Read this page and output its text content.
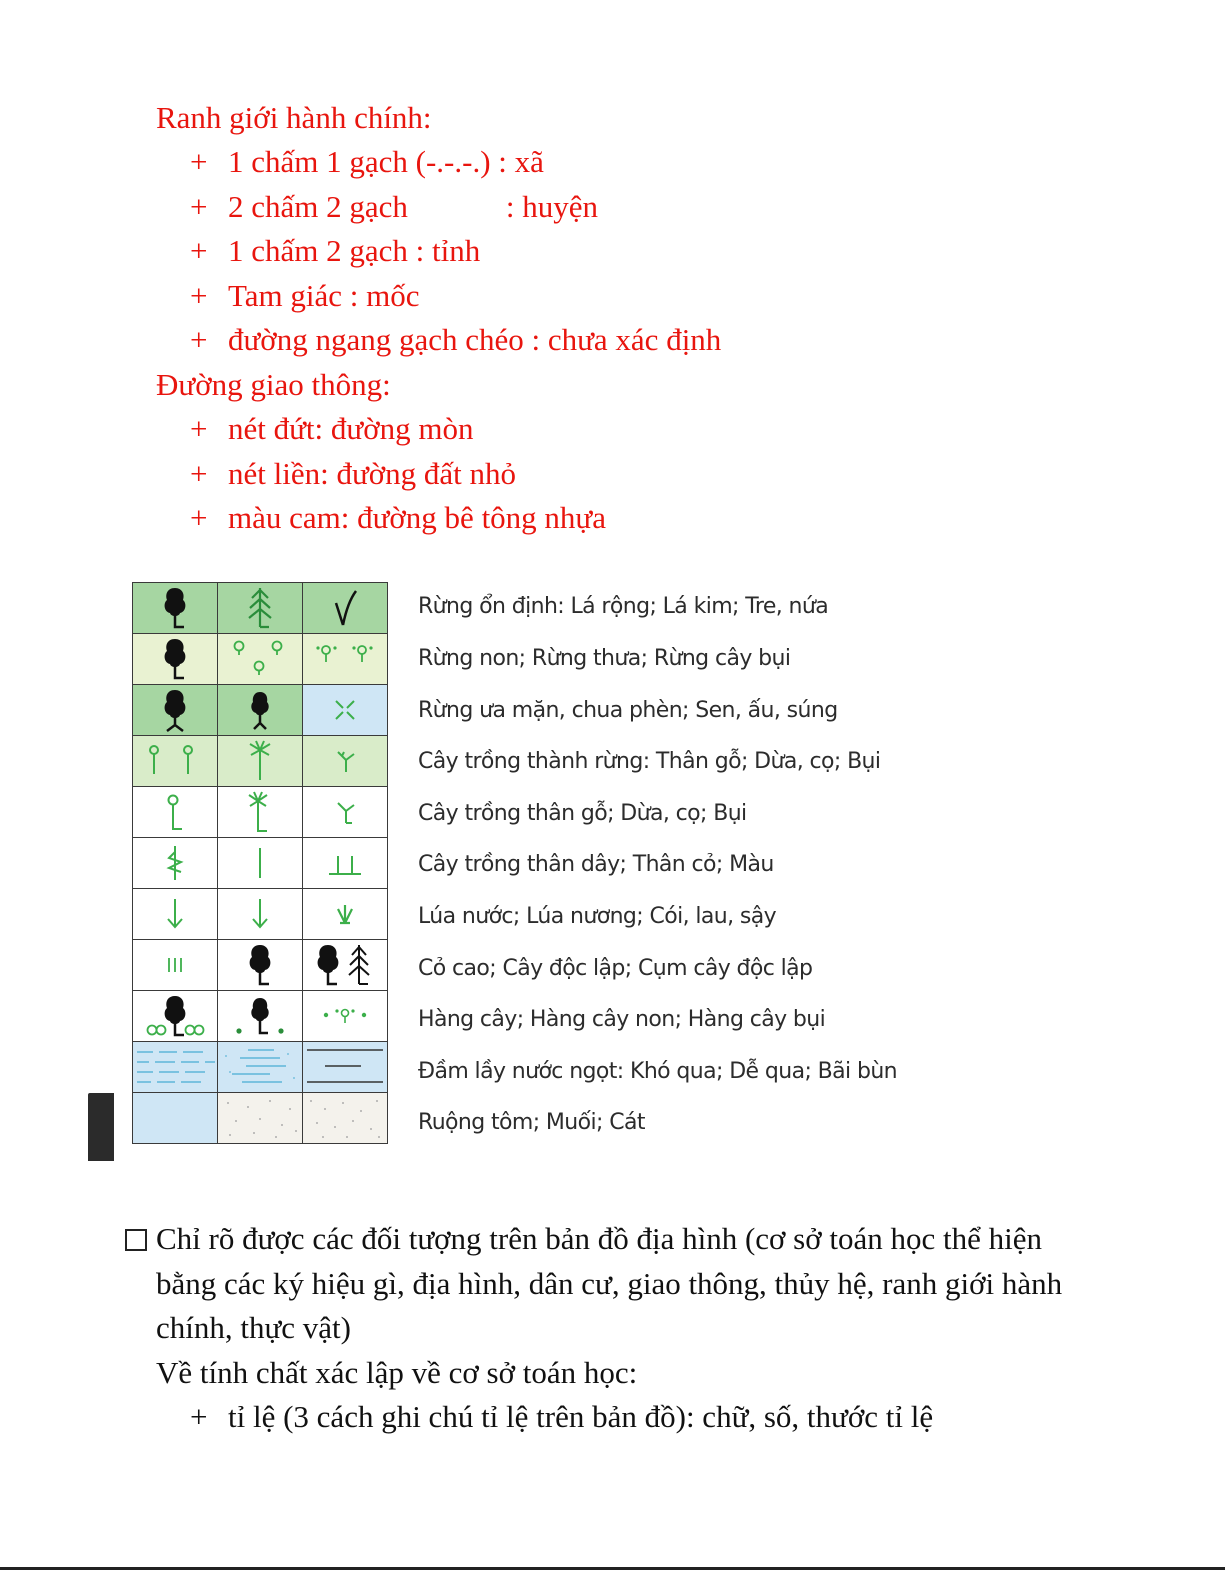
Ranh giới hành chính:
+ 1 chấm 1 gạch (-.-.-.) : xã
+ 2 chấm 2 gạch	: huyện
+ 1 chấm 2 gạch : tỉnh
+ Tam giác : mốc
+ đường ngang gạch chéo : chưa xác định
Đường giao thông:
+ nét đứt: đường mòn
+ nét liền: đường đất nhỏ
+ màu cam: đường bê tông nhựa

Rừng ổn định: Lá rộng; Lá kim; Tre, nứa
Rừng non; Rừng thưa; Rừng cây bụi
Rừng ưa mặn, chua phèn; Sen, ấu, súng
Cây trồng thành rừng: Thân gỗ; Dừa, cọ; Bụi
Cây trồng thân gỗ; Dừa, cọ; Bụi
Cây trồng thân dây; Thân cỏ; Màu
Lúa nước; Lúa nương; Cói, lau, sậy
Cỏ cao; Cây độc lập; Cụm cây độc lập
Hàng cây; Hàng cây non; Hàng cây bụi
Đầm lầy nước ngọt: Khó qua; Dễ qua; Bãi bùn
Ruộng tôm; Muối; Cát
Chỉ rõ được các đối tượng trên bản đồ địa hình (cơ sở toán học thể hiện
bằng các ký hiệu gì, địa hình, dân cư, giao thông, thủy hệ, ranh giới hành
chính, thực vật)
Về tính chất xác lập về cơ sở toán học:
+ tỉ lệ (3 cách ghi chú tỉ lệ trên bản đồ): chữ, số, thước tỉ lệ
